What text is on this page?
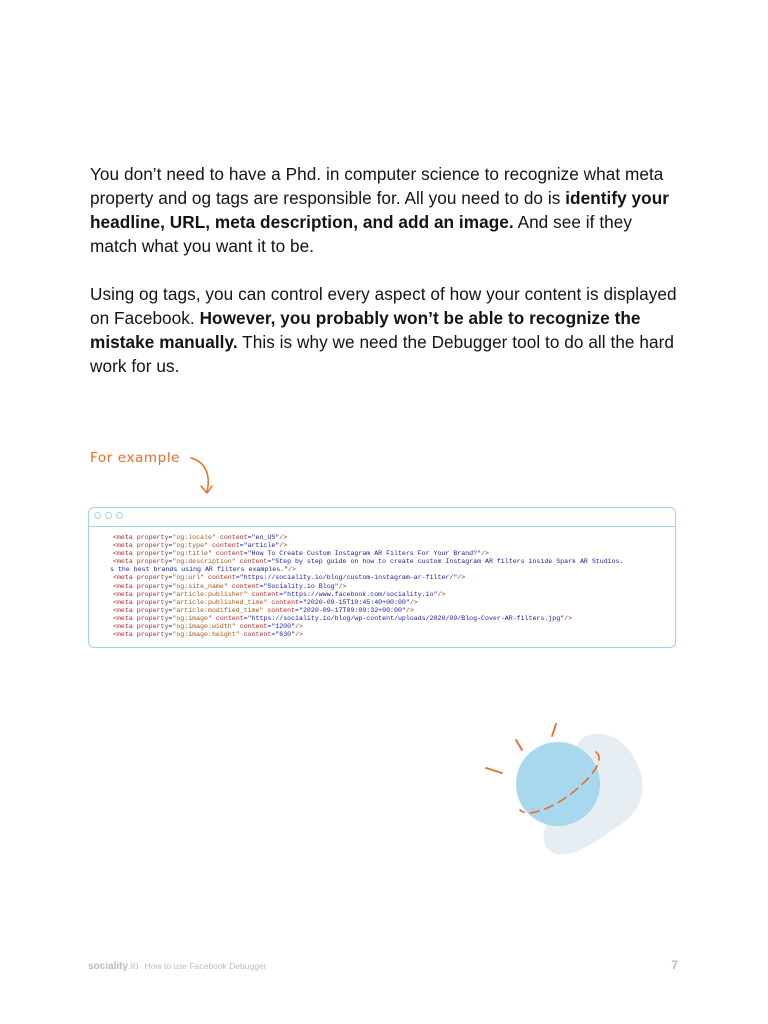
You don’t need to have a Phd. in computer science to recognize what meta property and og tags are responsible for. All you need to do is identify your headline, URL, meta description, and add an image. And see if they match what you want it to be.

Using og tags, you can control every aspect of how your content is displayed on Facebook. However, you probably won’t be able to recognize the mistake manually. This is why we need the Debugger tool to do all the hard work for us.

For example
<meta property="og:locale" content="en_US"/>
<meta property="og:type" content="article"/>
<meta property="og:title" content="How To Create Custom Instagram AR Filters For Your Brand?"/>
<meta property="og:description" content="Step by step guide on how to create custom Instagram AR filters inside Spark AR Studios.
s the best brands using AR filters examples."/>
<meta property="og:url" content="https://sociality.io/blog/custom-instagram-ar-filter/"/>
<meta property="og:site_name" content="Sociality.io Blog"/>
<meta property="article:publisher" content="https://www.facebook.com/sociality.io"/>
<meta property="article:published_time" content="2020-09-15T10:45:40+00:00"/>
<meta property="article:modified_time" content="2020-09-17T09:09:32+00:00"/>
<meta property="og:image" content="https://sociality.io/blog/wp-content/uploads/2020/09/Blog-Cover-AR-filters.jpg"/>
<meta property="og:image:width" content="1200"/>
<meta property="og:image:height" content="630"/>
sociality.io How to use Facebook Debugger	7
